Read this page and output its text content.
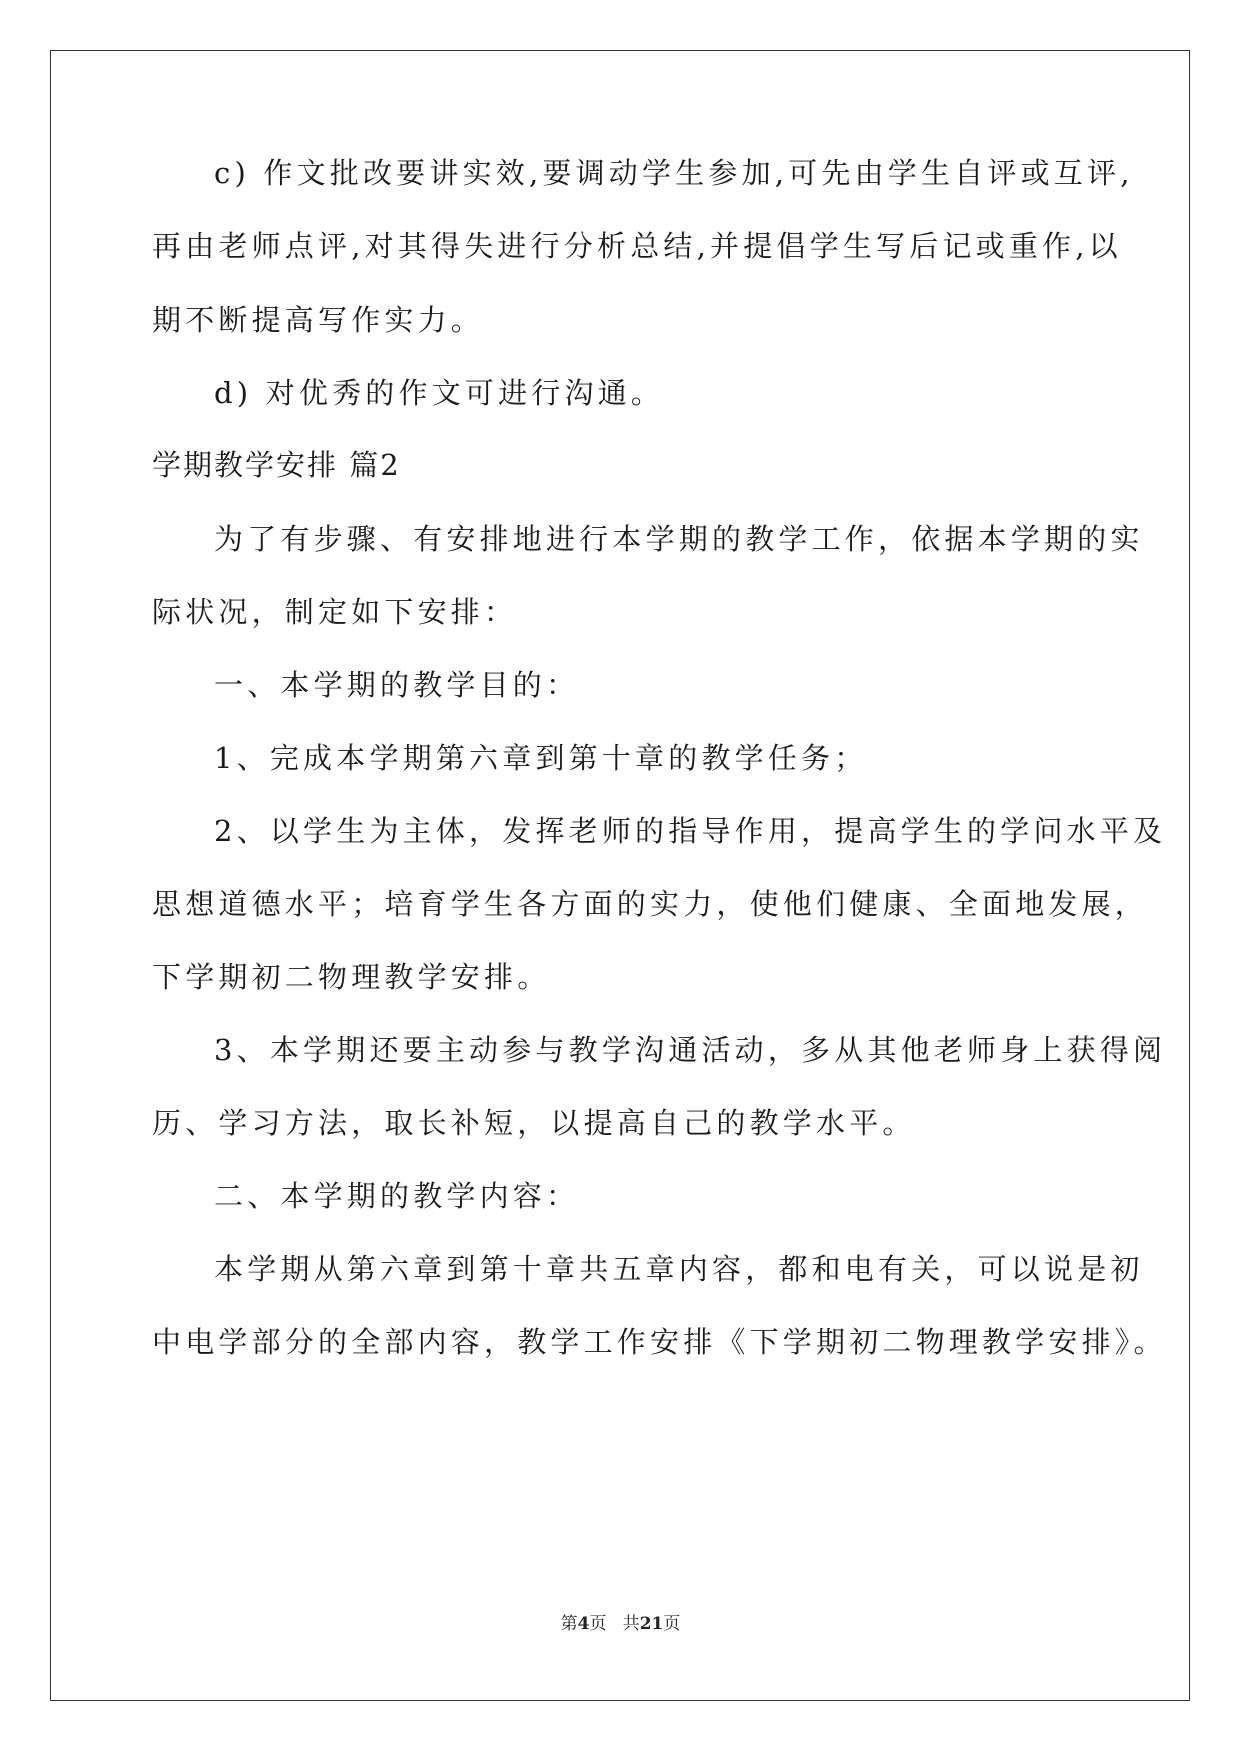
c) 作文批改要讲实效,要调动学生参加,可先由学生自评或互评,
再由老师点评,对其得失进行分析总结,并提倡学生写后记或重作,以
期不断提高写作实力。
d) 对优秀的作文可进行沟通。
学期教学安排 篇2
为了有步骤、有安排地进行本学期的教学工作，依据本学期的实
际状况，制定如下安排：
一、本学期的教学目的：
1、完成本学期第六章到第十章的教学任务；
2、以学生为主体，发挥老师的指导作用，提高学生的学问水平及
思想道德水平；培育学生各方面的实力，使他们健康、全面地发展，
下学期初二物理教学安排。
3、本学期还要主动参与教学沟通活动，多从其他老师身上获得阅
历、学习方法，取长补短，以提高自己的教学水平。
二、本学期的教学内容：
本学期从第六章到第十章共五章内容，都和电有关，可以说是初
中电学部分的全部内容，教学工作安排《下学期初二物理教学安排》。
第4页   共21页
